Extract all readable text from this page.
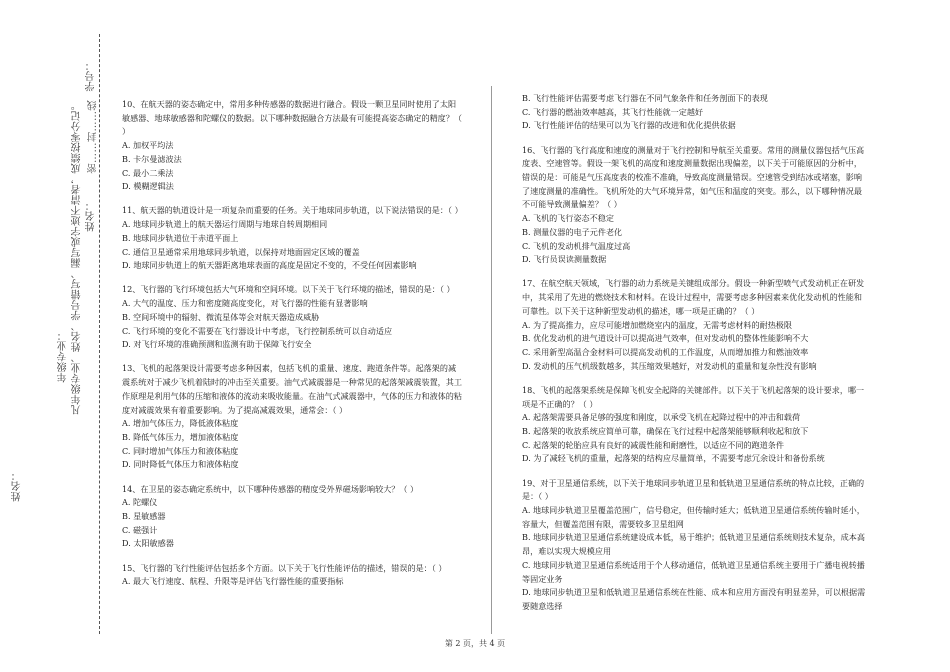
学号：
姓名：
凡年级专业、姓名、学号错写、漏写或字迹不清者，成绩按零分记。 密……封……线
年级专业：
姓名：

10、在航天器的姿态确定中，常用多种传感器的数据进行融合。假设一颗卫星同时使用了太阳敏感器、地球敏感器和陀螺仪的数据。以下哪种数据融合方法最有可能提高姿态确定的精度？（ ）

A. 加权平均法

B. 卡尔曼滤波法

C. 最小二乘法

D. 模糊逻辑法

11、航天器的轨道设计是一项复杂而重要的任务。关于地球同步轨道，以下说法错误的是：（ ）

A. 地球同步轨道上的航天器运行周期与地球自转周期相同

B. 地球同步轨道位于赤道平面上

C. 通信卫星通常采用地球同步轨道，以保持对地面固定区域的覆盖

D. 地球同步轨道上的航天器距离地球表面的高度是固定不变的，不受任何因素影响

12、飞行器的飞行环境包括大气环境和空间环境。以下关于飞行环境的描述，错误的是：（ ）

A. 大气的温度、压力和密度随高度变化，对飞行器的性能有显著影响

B. 空间环境中的辐射、微流星体等会对航天器造成威胁

C. 飞行环境的变化不需要在飞行器设计中考虑，飞行控制系统可以自动适应

D. 对飞行环境的准确预测和监测有助于保障飞行安全

13、飞机的起落架设计需要考虑多种因素，包括飞机的重量、速度、跑道条件等。起落架的减震系统对于减少飞机着陆时的冲击至关重要。油气式减震器是一种常见的起落架减震装置，其工作原理是利用气体的压缩和液体的流动来吸收能量。在油气式减震器中，气体的压力和液体的粘度对减震效果有着重要影响。为了提高减震效果，通常会：（ ）

A. 增加气体压力，降低液体粘度

B. 降低气体压力，增加液体粘度

C. 同时增加气体压力和液体粘度

D. 同时降低气体压力和液体粘度

14、在卫星的姿态确定系统中，以下哪种传感器的精度受外界磁场影响较大？（ ）

A. 陀螺仪

B. 星敏感器

C. 磁强计

D. 太阳敏感器

15、飞行器的飞行性能评估包括多个方面。以下关于飞行性能评估的描述，错误的是：（ ）

A. 最大飞行速度、航程、升限等是评估飞行器性能的重要指标

B. 飞行性能评估需要考虑飞行器在不同气象条件和任务剖面下的表现

C. 飞行器的燃油效率越高，其飞行性能就一定越好

D. 飞行性能评估的结果可以为飞行器的改进和优化提供依据

16、飞行器的飞行高度和速度的测量对于飞行控制和导航至关重要。常用的测量仪器包括气压高度表、空速管等。假设一架飞机的高度和速度测量数据出现偏差，以下关于可能原因的分析中，错误的是：可能是气压高度表的校准不准确，导致高度测量错误。空速管受到结冰或堵塞，影响了速度测量的准确性。飞机所处的大气环境异常，如气压和温度的突变。那么，以下哪种情况最不可能导致测量偏差？（ ）

A. 飞机的飞行姿态不稳定

B. 测量仪器的电子元件老化

C. 飞机的发动机排气温度过高

D. 飞行员误读测量数据

17、在航空航天领域，飞行器的动力系统是关键组成部分。假设一种新型喷气式发动机正在研发中，其采用了先进的燃烧技术和材料。在设计过程中，需要考虑多种因素来优化发动机的性能和可靠性。以下关于这种新型发动机的描述，哪一项是正确的？（ ）

A. 为了提高推力，应尽可能增加燃烧室内的温度，无需考虑材料的耐热极限

B. 优化发动机的进气道设计可以提高进气效率，但对发动机的整体性能影响不大

C. 采用新型高温合金材料可以提高发动机的工作温度，从而增加推力和燃油效率

D. 发动机的压气机级数越多，其压缩效果越好，对发动机的重量和复杂性没有影响

18、飞机的起落架系统是保障飞机安全起降的关键部件。以下关于飞机起落架的设计要求，哪一项是不正确的？（ ）

A. 起落架需要具备足够的强度和刚度，以承受飞机在起降过程中的冲击和载荷

B. 起落架的收放系统应简单可靠，确保在飞行过程中起落架能够顺利收起和放下

C. 起落架的轮胎应具有良好的减震性能和耐磨性，以适应不同的跑道条件

D. 为了减轻飞机的重量，起落架的结构应尽量简单，不需要考虑冗余设计和备份系统

19、对于卫星通信系统，以下关于地球同步轨道卫星和低轨道卫星通信系统的特点比较，正确的是：（ ）

A. 地球同步轨道卫星覆盖范围广，信号稳定，但传输时延大；低轨道卫星通信系统传输时延小，容量大，但覆盖范围有限，需要较多卫星组网

B. 地球同步轨道卫星通信系统建设成本低，易于维护；低轨道卫星通信系统则技术复杂，成本高昂，难以实现大规模应用

C. 地球同步轨道卫星通信系统适用于个人移动通信，低轨道卫星通信系统主要用于广播电视转播等固定业务

D. 地球同步轨道卫星和低轨道卫星通信系统在性能、成本和应用方面没有明显差异，可以根据需要随意选择

第 2 页，共 4 页
